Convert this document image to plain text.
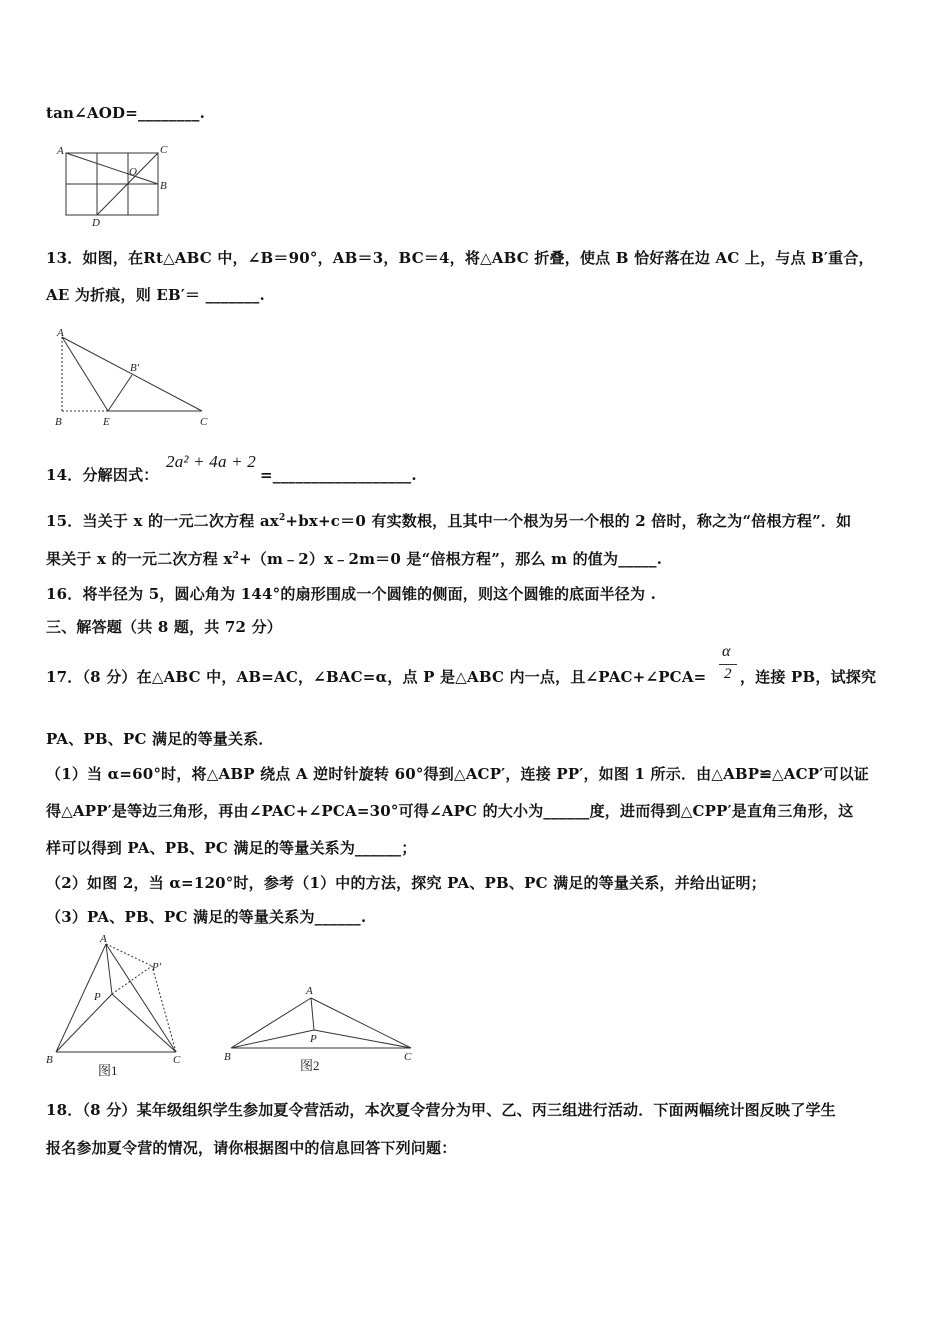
tan∠AOD=________.
A	C
O
B
D
13．如图，在Rt△ABC 中，∠B＝90°，AB＝3，BC＝4，将△ABC 折叠，使点 B 恰好落在边 AC 上，与点 B′重合，
AE 为折痕，则 EB′＝ _______.
A
B′
B	E	C
14．分解因式：
2a² + 4a + 2
=__________________.
15．当关于 x 的一元二次方程 $ax^2+bx+c=0$ 有实数根，且其中一个根为另一个根的 2 倍时，称之为“倍根方程”．如
果关于 x 的一元二次方程 $x^2+(m﹣2)x﹣2m=0$ 是“倍根方程”，那么 m 的值为_____.
16．将半径为 5，圆心角为 144°的扇形围成一个圆锥的侧面，则这个圆锥的底面半径为 .
三、解答题（共 8 题，共 72 分）
17．（8 分）在△ABC 中，AB=AC，∠BAC=α，点 P 是△ABC 内一点，且∠PAC+∠PCA=
α
2 ，连接 PB，试探究
PA、PB、PC 满足的等量关系．
（1）当 α=60°时，将△ABP 绕点 A 逆时针旋转 60°得到△ACP′，连接 PP′，如图 1 所示．由△ABP≌△ACP′可以证
得△APP′是等边三角形，再由∠PAC+∠PCA=30°可得∠APC 的大小为______度，进而得到△CPP′是直角三角形，这
样可以得到 PA、PB、PC 满足的等量关系为______；
（2）如图 2，当 α=120°时，参考（1）中的方法，探究 PA、PB、PC 满足的等量关系，并给出证明；
（3）PA、PB、PC 满足的等量关系为______.
A
P′
P
B	C
图1
A
P
B	C
图2
18．（8 分）某年级组织学生参加夏令营活动，本次夏令营分为甲、乙、丙三组进行活动．下面两幅统计图反映了学生
报名参加夏令营的情况，请你根据图中的信息回答下列问题：
